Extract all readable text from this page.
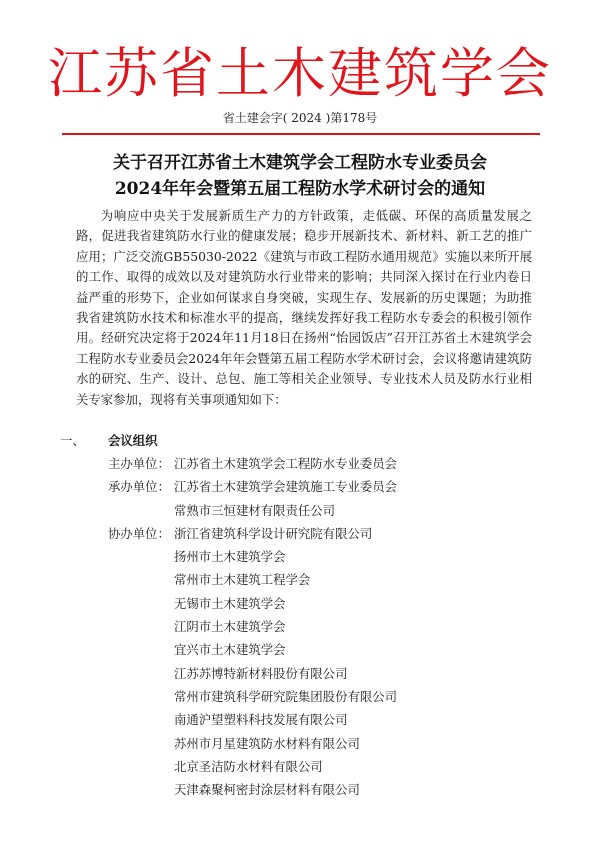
江苏省土木建筑学会
省土建会字( 2024 )第178号
关于召开江苏省土木建筑学会工程防水专业委员会
2024年年会暨第五届工程防水学术研讨会的通知

为响应中央关于发展新质生产力的方针政策，走低碳、环保的高质量发展之路，促进我省建筑防水行业的健康发展；稳步开展新技术、新材料、新工艺的推广应用；广泛交流GB55030-2022《建筑与市政工程防水通用规范》实施以来所开展的工作、取得的成效以及对建筑防水行业带来的影响；共同深入探讨在行业内卷日益严重的形势下，企业如何谋求自身突破，实现生存、发展新的历史课题；为助推我省建筑防水技术和标准水平的提高，继续发挥好我工程防水专委会的积极引领作用。经研究决定将于2024年11月18日在扬州“怡园饭店”召开江苏省土木建筑学会工程防水专业委员会2024年年会暨第五届工程防水学术研讨会，会议将邀请建筑防水的研究、生产、设计、总包、施工等相关企业领导、专业技术人员及防水行业相关专家参加，现将有关事项通知如下：

一、 会议组织
主办单位： 江苏省土木建筑学会工程防水专业委员会
承办单位： 江苏省土木建筑学会建筑施工专业委员会
常熟市三恒建材有限责任公司
协办单位： 浙江省建筑科学设计研究院有限公司
扬州市土木建筑学会
常州市土木建筑工程学会
无锡市土木建筑学会
江阴市土木建筑学会
宜兴市土木建筑学会
江苏苏博特新材料股份有限公司
常州市建筑科学研究院集团股份有限公司
南通沪望塑料科技发展有限公司
苏州市月星建筑防水材料有限公司
北京圣洁防水材料有限公司
天津森聚柯密封涂层材料有限公司
